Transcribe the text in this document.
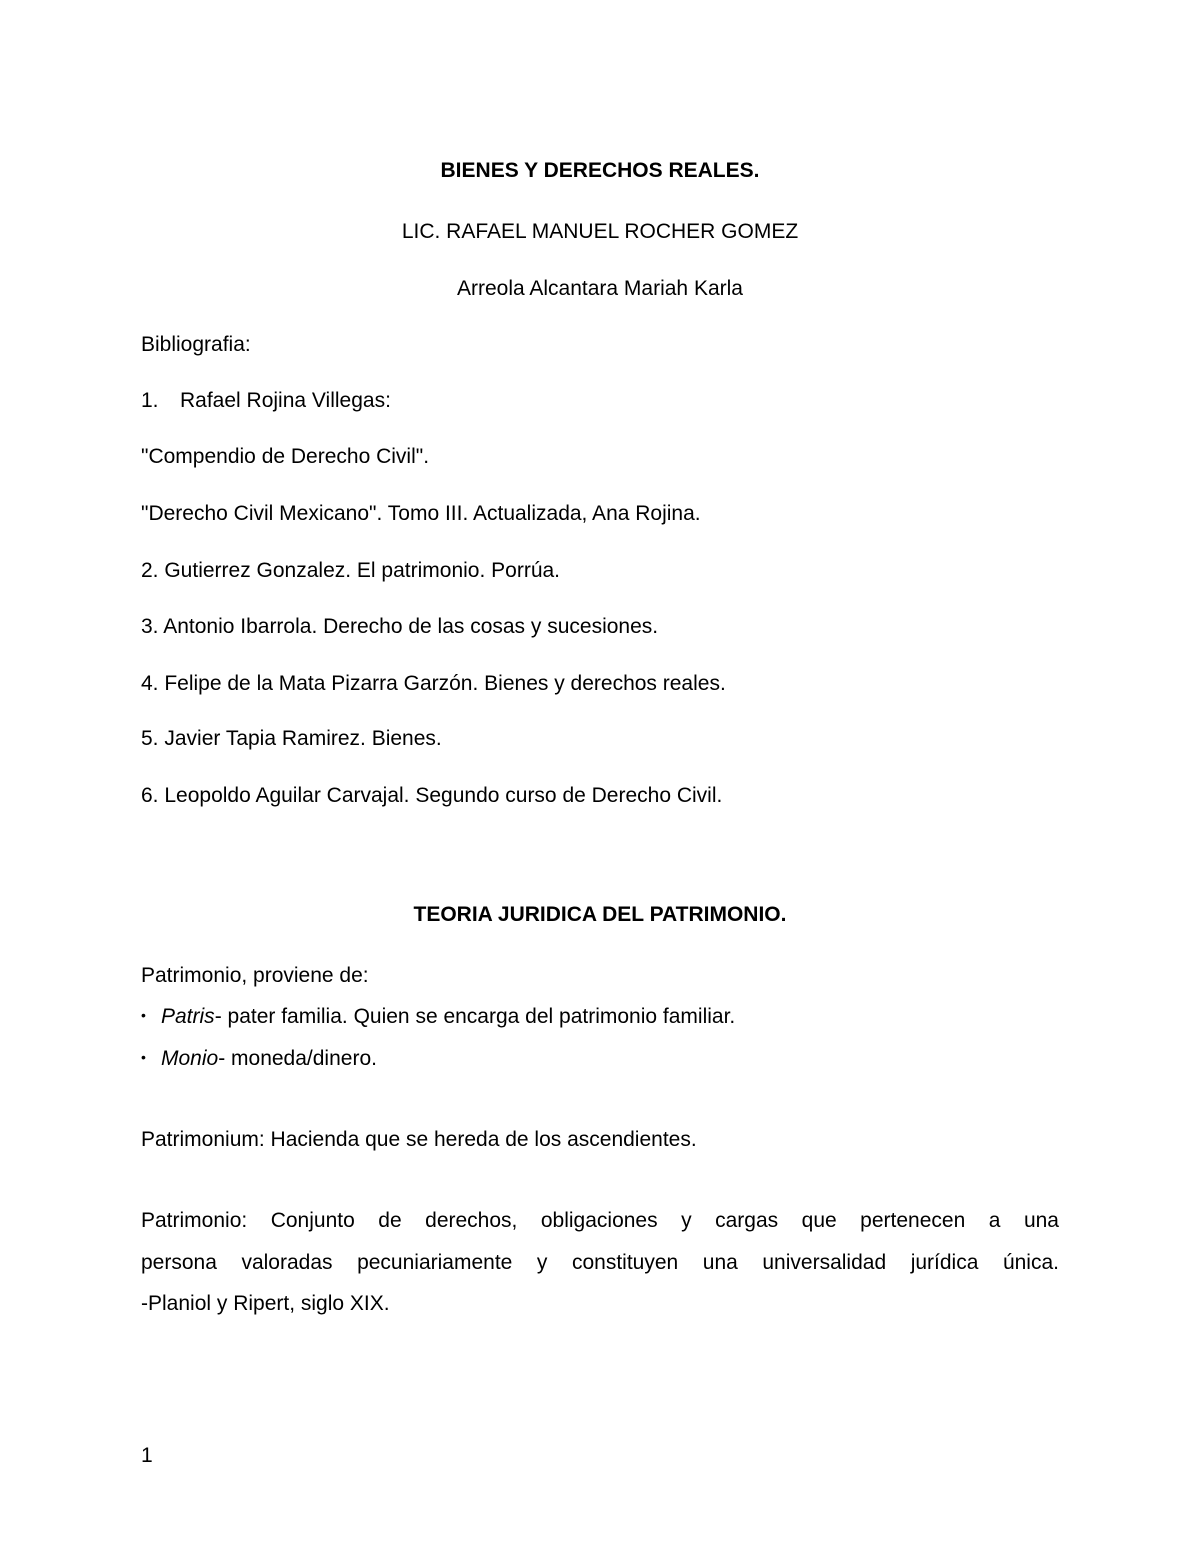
BIENES Y DERECHOS REALES.
LIC. RAFAEL MANUEL ROCHER GOMEZ
Arreola Alcantara Mariah Karla
Bibliografia:
1. Rafael Rojina Villegas:
"Compendio de Derecho Civil".
"Derecho Civil Mexicano". Tomo III. Actualizada, Ana Rojina.
2. Gutierrez Gonzalez. El patrimonio. Porrúa.
3. Antonio Ibarrola. Derecho de las cosas y sucesiones.
4. Felipe de la Mata Pizarra Garzón. Bienes y derechos reales.
5. Javier Tapia Ramirez. Bienes.
6. Leopoldo Aguilar Carvajal. Segundo curso de Derecho Civil.
TEORIA JURIDICA DEL PATRIMONIO.
Patrimonio, proviene de:
• Patris- pater familia. Quien se encarga del patrimonio familiar.
• Monio- moneda/dinero.
Patrimonium: Hacienda que se hereda de los ascendientes.
Patrimonio: Conjunto de derechos, obligaciones y cargas que pertenecen a una
persona valoradas pecuniariamente y constituyen una universalidad jurídica única.
-Planiol y Ripert, siglo XIX.
1
